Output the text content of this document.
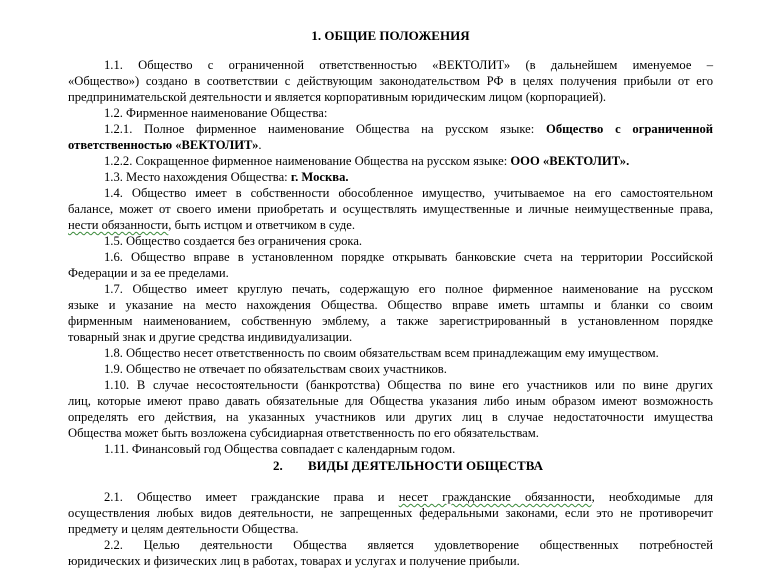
1. ОБЩИЕ ПОЛОЖЕНИЯ
1.1. Общество с ограниченной ответственностью «ВЕКТОЛИТ» (в дальнейшем именуемое –
«Общество») создано в соответствии с действующим законодательством РФ в целях получения прибыли от его
предпринимательской деятельности и является корпоративным юридическим лицом (корпорацией).
1.2. Фирменное наименование Общества:
1.2.1. Полное фирменное наименование Общества на русском языке: Общество с ограниченной
ответственностью «ВЕКТОЛИТ».
1.2.2. Сокращенное фирменное наименование Общества на русском языке: ООО «ВЕКТОЛИТ».
1.3. Место нахождения Общества: г. Москва.
1.4. Общество имеет в собственности обособленное имущество, учитываемое на его самостоятельном
балансе, может от своего имени приобретать и осуществлять имущественные и личные неимущественные права,
нести обязанности, быть истцом и ответчиком в суде.
1.5. Общество создается без ограничения срока.
1.6. Общество вправе в установленном порядке открывать банковские счета на территории Российской
Федерации и за ее пределами.
1.7. Общество имеет круглую печать, содержащую его полное фирменное наименование на русском
языке и указание на место нахождения Общества. Общество вправе иметь штампы и бланки со своим
фирменным наименованием, собственную эмблему, а также зарегистрированный в установленном порядке
товарный знак и другие средства индивидуализации.
1.8. Общество несет ответственность по своим обязательствам всем принадлежащим ему имуществом.
1.9. Общество не отвечает по обязательствам своих участников.
1.10. В случае несостоятельности (банкротства) Общества по вине его участников или по вине других
лиц, которые имеют право давать обязательные для Общества указания либо иным образом имеют возможность
определять его действия, на указанных участников или других лиц в случае недостаточности имущества
Общества может быть возложена субсидиарная ответственность по его обязательствам.
1.11. Финансовый год Общества совпадает с календарным годом.
2. ВИДЫ ДЕЯТЕЛЬНОСТИ ОБЩЕСТВА
2.1. Общество имеет гражданские права и несет гражданские обязанности, необходимые для
осуществления любых видов деятельности, не запрещенных федеральными законами, если это не противоречит
предмету и целям деятельности Общества.
2.2. Целью деятельности Общества является удовлетворение общественных потребностей
юридических и физических лиц в работах, товарах и услугах и получение прибыли.
